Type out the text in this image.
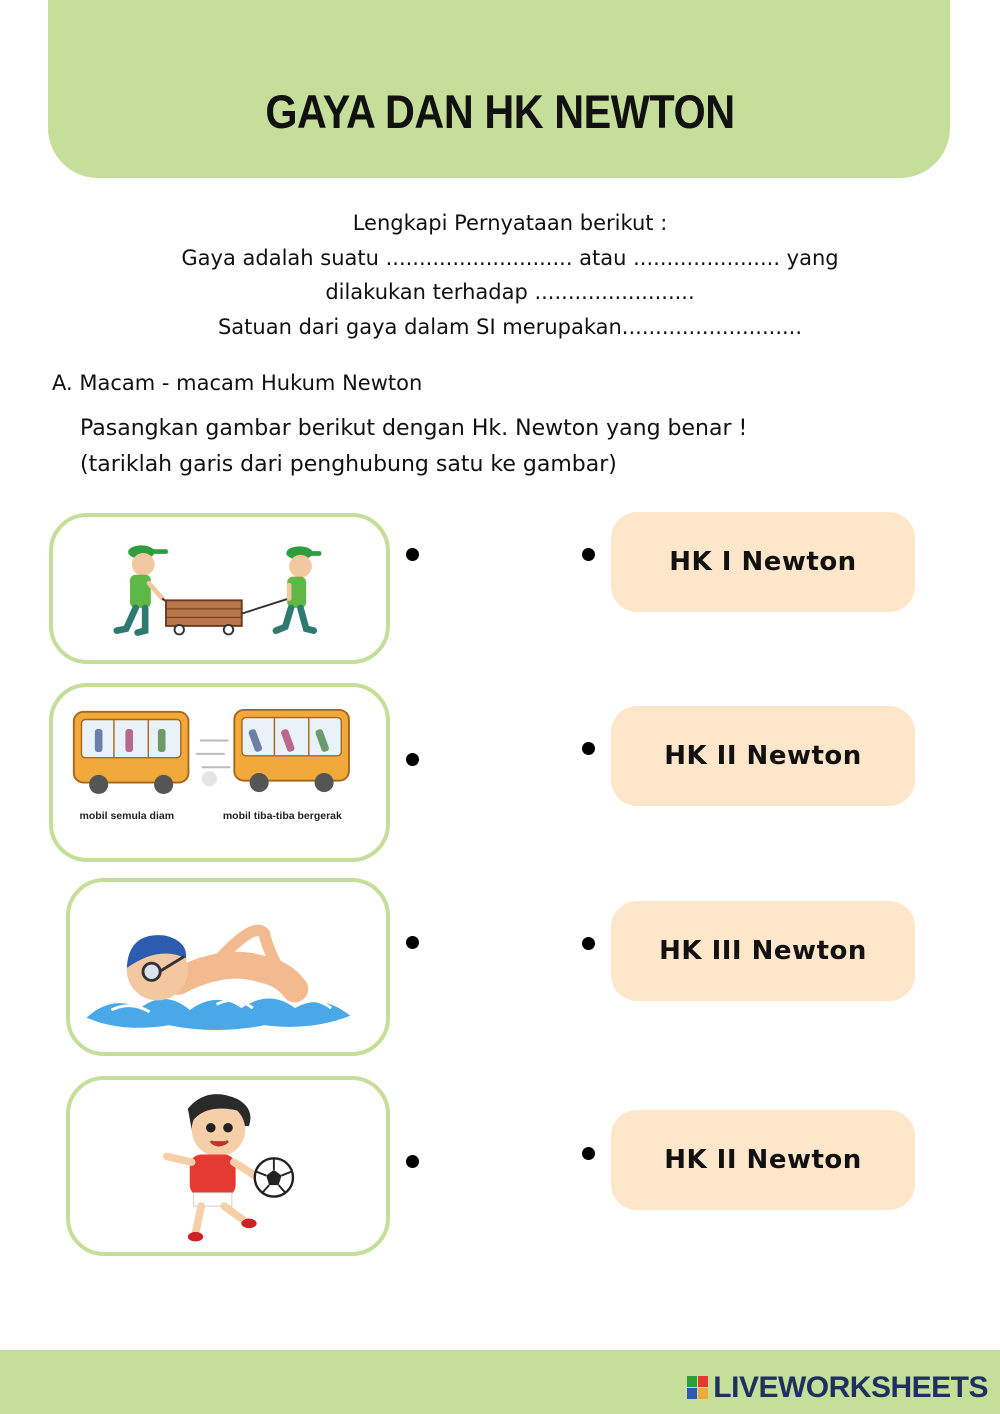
GAYA DAN HK NEWTON
Lengkapi Pernyataan berikut :
Gaya adalah suatu ............................ atau ...................... yang
dilakukan terhadap ........................
Satuan dari gaya dalam SI merupakan...........................
A. Macam - macam Hukum Newton
Pasangkan gambar berikut dengan Hk. Newton yang benar !
(tariklah garis dari penghubung satu ke gambar)
mobil semula diam	mobil tiba-tiba bergerak
HK I Newton
HK II Newton
HK III Newton
HK II Newton
LIVEWORKSHEETS
